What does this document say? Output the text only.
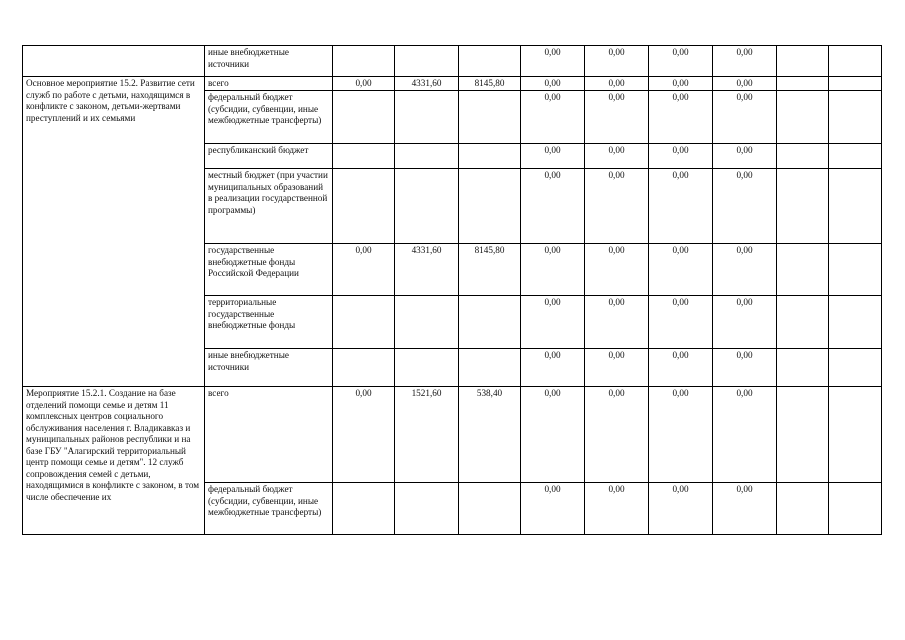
	иные внебюджетные источники				0,00	0,00	0,00	0,00		
Основное мероприятие 15.2. Развитие сети служб по работе с детьми, находящимся в конфликте с законом, детьми-жертвами преступлений и их семьями	всего	0,00	4331,60	8145,80	0,00	0,00	0,00	0,00		
	федеральный бюджет (субсидии, субвенции, иные межбюджетные трансферты)				0,00	0,00	0,00	0,00		
	республиканский бюджет				0,00	0,00	0,00	0,00		
	местный бюджет (при участии муниципальных образований в реализации государственной программы)				0,00	0,00	0,00	0,00		
	государственные внебюджетные фонды Российской Федерации	0,00	4331,60	8145,80	0,00	0,00	0,00	0,00		
	территориальные государственные внебюджетные фонды				0,00	0,00	0,00	0,00		
	иные внебюджетные источники				0,00	0,00	0,00	0,00		
Мероприятие 15.2.1. Создание на базе отделений помощи семье и детям 11 комплексных центров социального обслуживания населения г. Владикавказ и муниципальных районов республики и на базе ГБУ "Алагирский территориальный центр помощи семье и детям". 12 служб сопровождения семей с детьми, находящимися в конфликте с законом, в том числе обеспечение их	всего	0,00	1521,60	538,40	0,00	0,00	0,00	0,00		
	федеральный бюджет (субсидии, субвенции, иные межбюджетные трансферты)				0,00	0,00	0,00	0,00		
